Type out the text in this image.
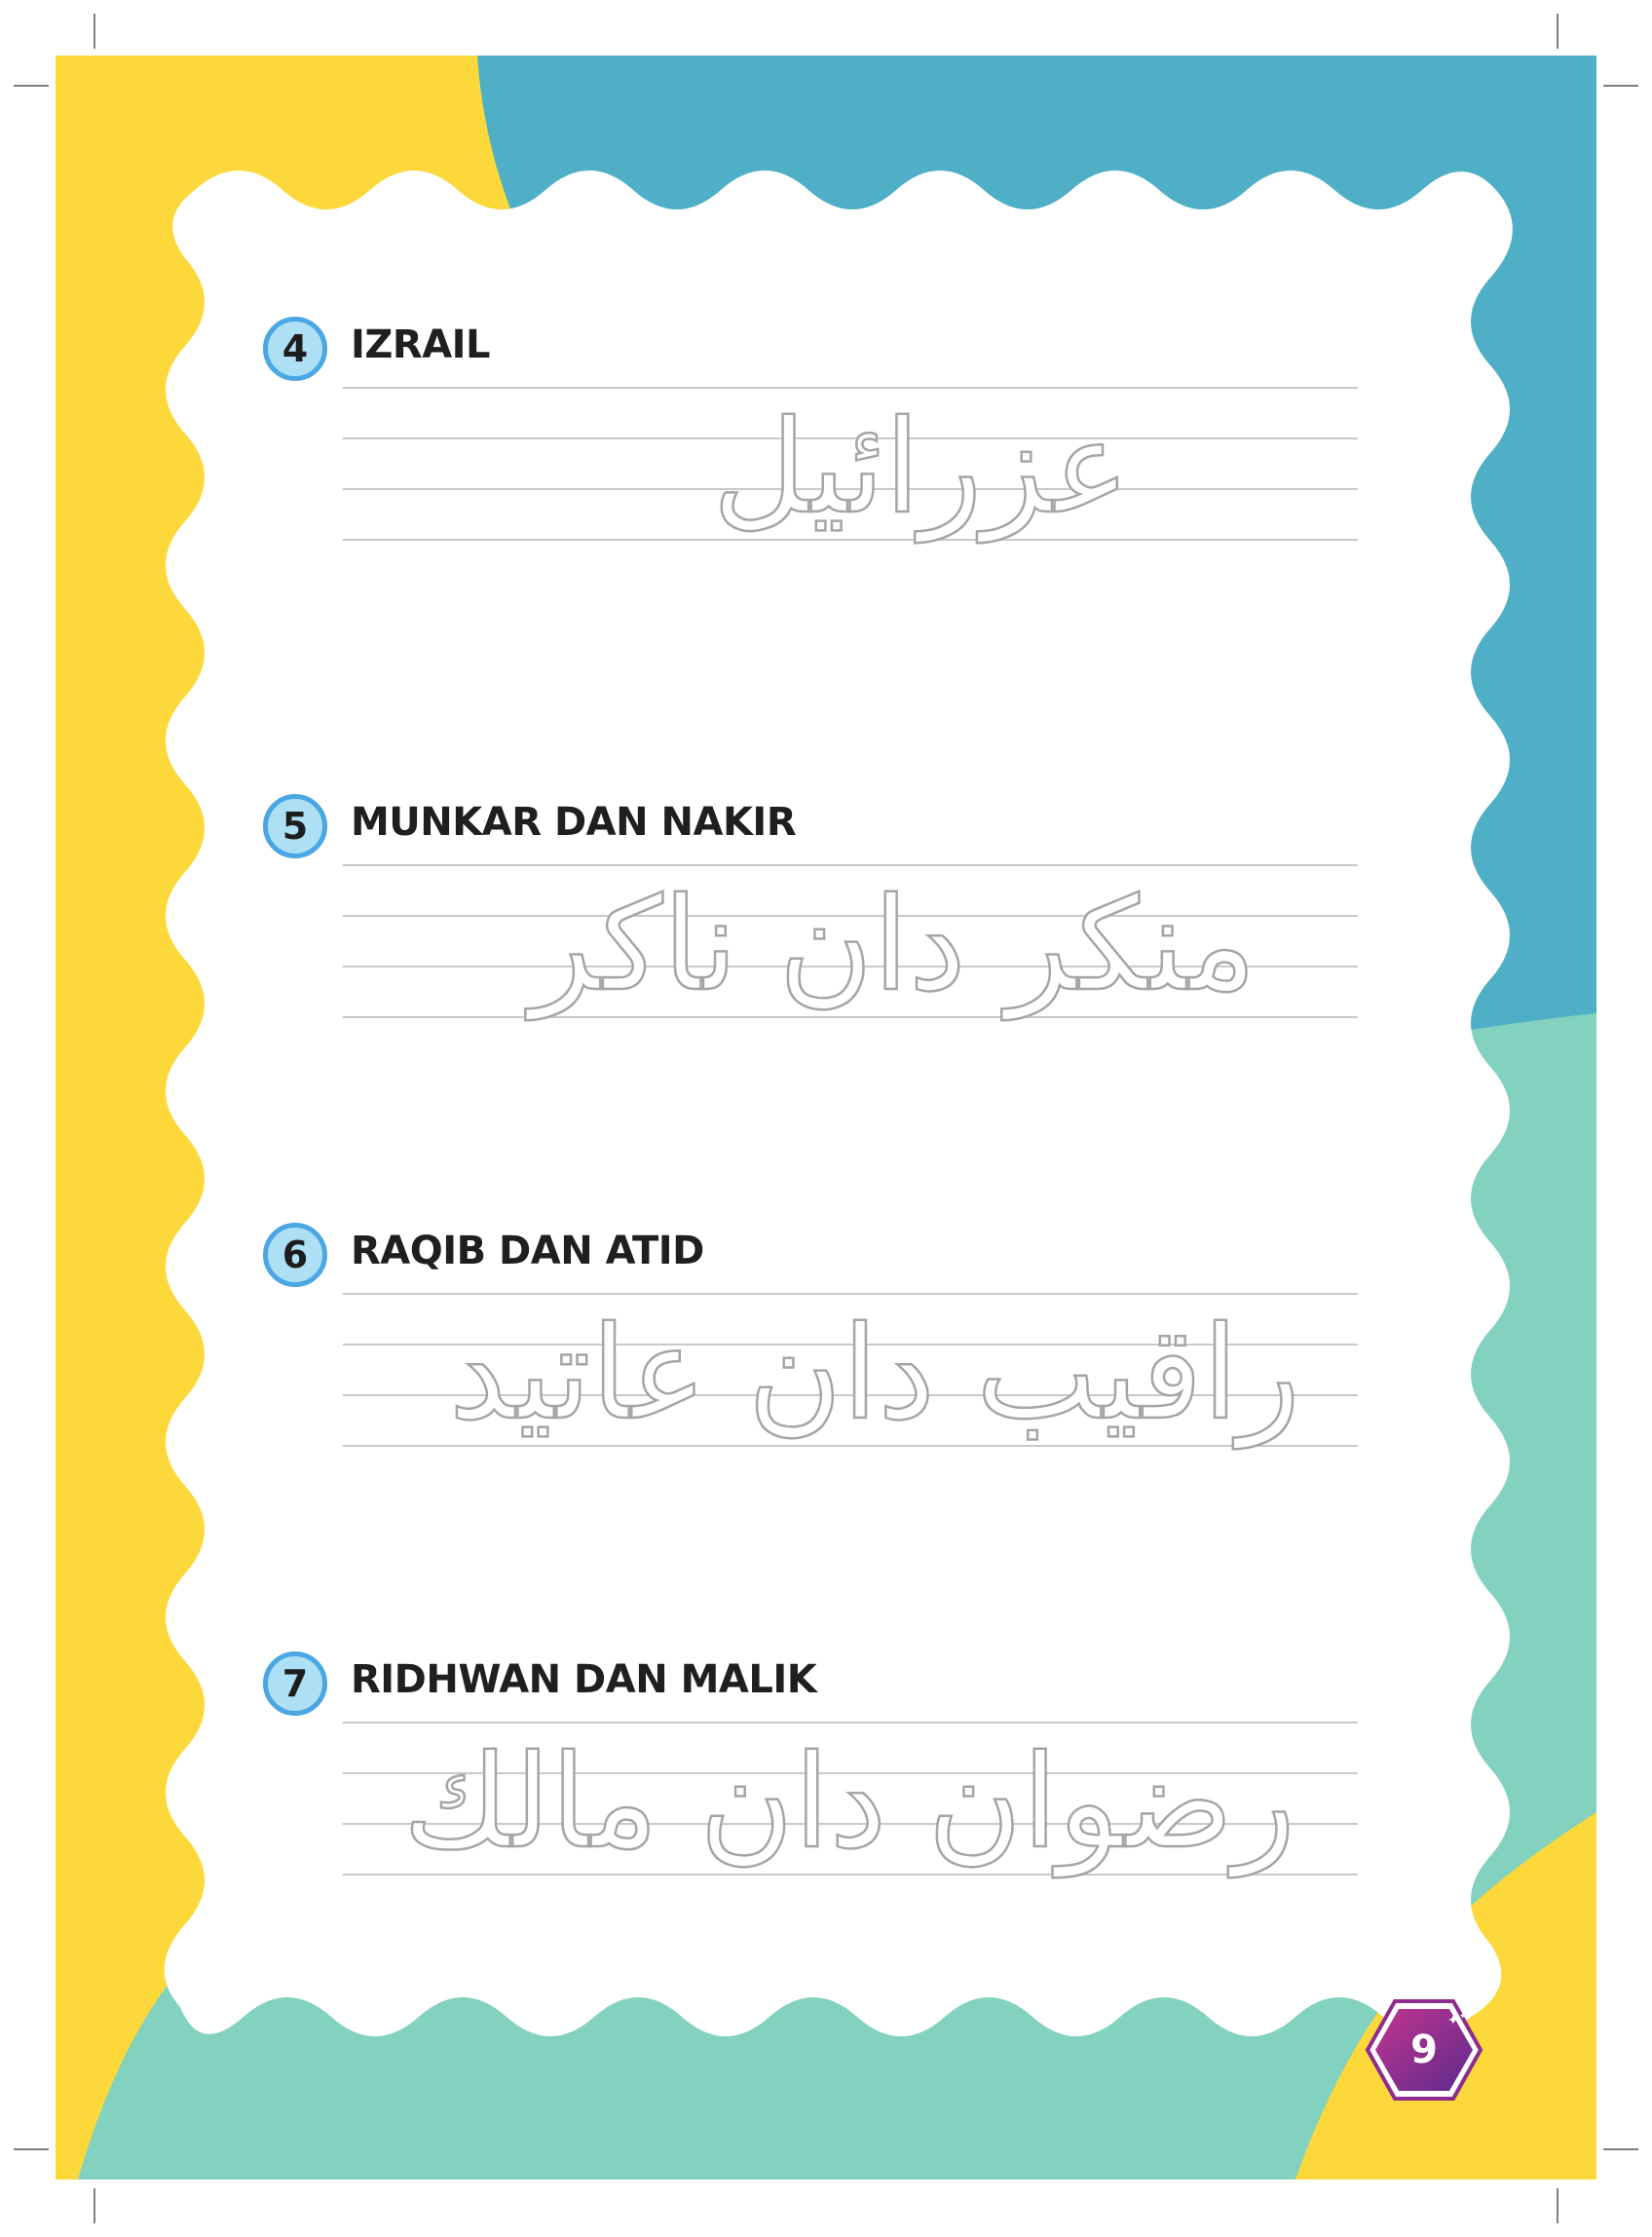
4	IZRAIL
عزرائيل
5	MUNKAR DAN NAKIR
منكر دان ناكر
6	RAQIB DAN ATID
راقيب دان عاتيد
7	RIDHWAN DAN MALIK
رضوان دان مالك
✦ ✦
9
